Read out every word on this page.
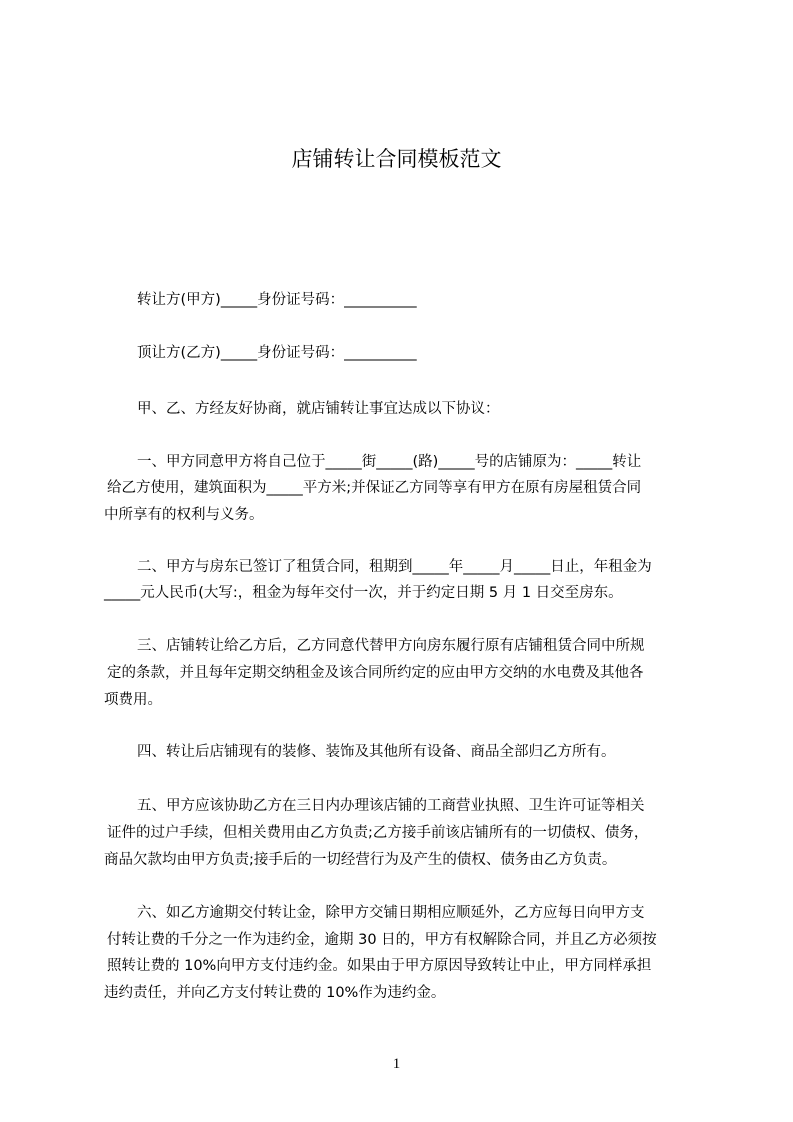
店铺转让合同模板范文
转让方(甲方)_____身份证号码：__________
顶让方(乙方)_____身份证号码：__________
甲、乙、方经友好协商，就店铺转让事宜达成以下协议：
一、甲方同意甲方将自己位于_____街_____(路)_____号的店铺原为：_____转让
给乙方使用，建筑面积为_____平方米;并保证乙方同等享有甲方在原有房屋租赁合同
中所享有的权利与义务。
二、甲方与房东已签订了租赁合同，租期到_____年_____月_____日止，年租金为
_____元人民币(大写:，租金为每年交付一次，并于约定日期 5 月 1 日交至房东。
三、店铺转让给乙方后，乙方同意代替甲方向房东履行原有店铺租赁合同中所规
定的条款，并且每年定期交纳租金及该合同所约定的应由甲方交纳的水电费及其他各
项费用。
四、转让后店铺现有的装修、装饰及其他所有设备、商品全部归乙方所有。
五、甲方应该协助乙方在三日内办理该店铺的工商营业执照、卫生许可证等相关
证件的过户手续，但相关费用由乙方负责;乙方接手前该店铺所有的一切债权、债务，
商品欠款均由甲方负责;接手后的一切经营行为及产生的债权、债务由乙方负责。
六、如乙方逾期交付转让金，除甲方交铺日期相应顺延外，乙方应每日向甲方支
付转让费的千分之一作为违约金，逾期 30 日的，甲方有权解除合同，并且乙方必须按
照转让费的 10%向甲方支付违约金。如果由于甲方原因导致转让中止，甲方同样承担
违约责任，并向乙方支付转让费的 10%作为违约金。
1
